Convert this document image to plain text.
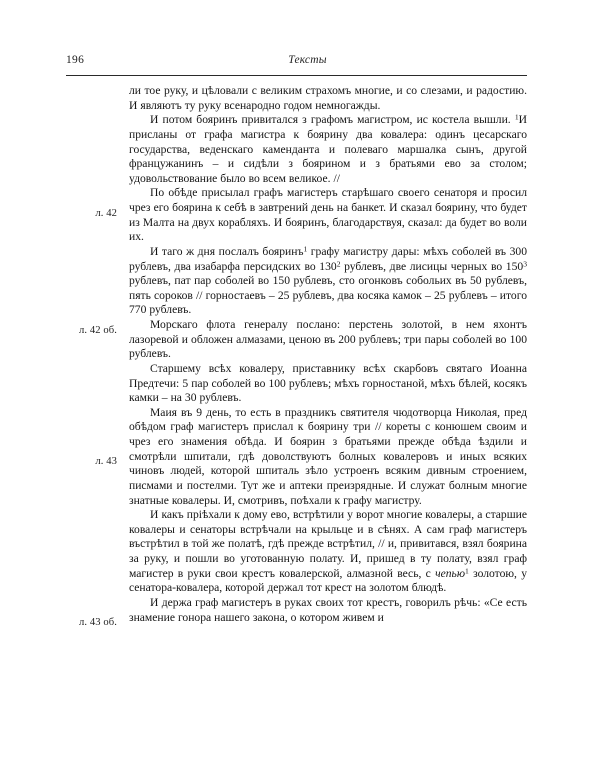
196	Тексты
л. 42
л. 42 об.
л. 43
л. 43 об.

ли тое руку, и цѣловали с великим страхомъ многие, и со слезами, и радостию. И являютъ ту руку всенародно годом немногажды.

И потом бояринъ привитался з графомъ магистром, ис костела вышли. $^1$И присланы от графа магистра к боярину два ковалера: одинъ цесарскаго государства, веденскаго каменданта и полеваго маршалка сынъ, другой францужанинъ – и сидѣли з боярином и з братьями ево за столом; удовольствование было во всем великое. //

По обѣде присылал графъ магистеръ старѣшаго своего сенаторя и просил чрез его боярина к себѣ в завтрений день на банкет. И сказал боярину, что будет из Малта на двух корабляхъ. И бояринъ, благодарствуя, сказал: да будет во воли их.

И таго ж дня послалъ бояринъ$^1$ графу магистру дары: мѣхъ соболей въ 300 рублевъ, два изабарфа персидских во $130^2$ рублевъ, две лисицы черных во $150^3$ рублевъ, пат пар соболей во 150 рублевъ, сто огонковъ собольих въ 50 рублевъ, пять сороков // горностаевъ – 25 рублевъ, два косяка камок – 25 рублевъ – итого 770 рублевъ.

Морскаго флота генералу послано: перстень золотой, в нем яхонтъ лазоревой и обложен алмазами, ценою въ 200 рублевъ; три пары соболей во 100 рублевъ.

Старшему всѣх ковалеру, приставнику всѣх скарбовъ святаго Иоанна Предтечи: 5 пар соболей во 100 рублевъ; мѣхъ горностаной, мѣхъ бѣлей, косякъ камки – на 30 рублевъ.

Маия въ 9 день, то есть в праздникъ святителя чюдотворца Николая, пред обѣдом граф магистеръ прислал к боярину три // кореты с конюшем своим и чрез его знамения обѣда. И боярин з братьями прежде обѣда ѣздили и смотрѣли шпитали, гдѣ доволствуютъ болных ковалеровъ и иных всяких чиновъ людей, которой шпиталь зѣло устроенъ всяким дивным строением, писмами и постелми. Тут же и аптеки преизрядные. И служат болным многие знатные ковалеры. И, смотривъ, поѣхали к графу магистру.

И какъ прiѣхали к дому ево, встрѣтили у ворот многие ковалеры, а старшие ковалеры и сенаторы встрѣчали на крыльце и в сѣнях. А сам граф магистеръ въстрѣтил в той же полатѣ, гдѣ прежде встрѣтил, // и, привитався, взял боярина за руку, и пошли во уготованную полату. И, пришед в ту полату, взял граф магистер в руки свои крестъ ковалерской, алмазной весь, с чепью$^1$ золотою, у сенатора-ковалера, которой держал тот крест на золотом блюдѣ.

И держа граф магистеръ в руках своих тот крестъ, говорилъ рѣчь: «Се есть знамение гонора нашего закона, о котором живем и
